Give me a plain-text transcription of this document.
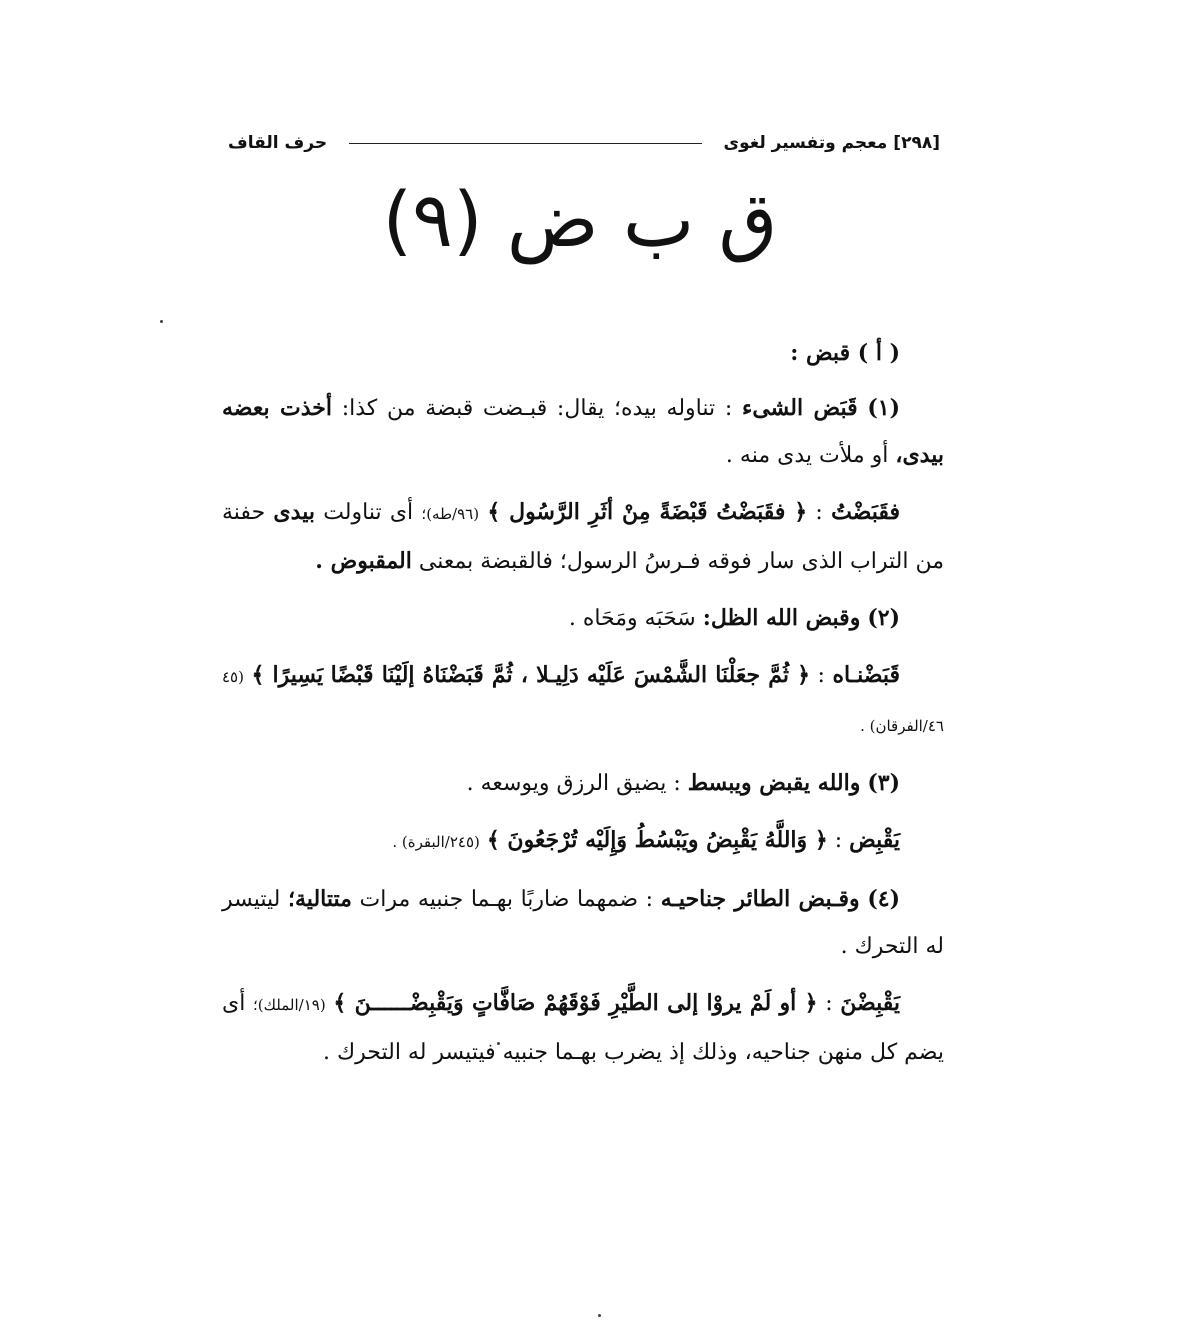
[٢٩٨]
معجم وتفسير لغوى
حرف القاف
ق ب ض (٩)

( أ ) قبض :

(١) قَبَض الشىء : تناوله بيده؛ يقال: قبـضت قبضة من كذا: أخذت بعضه بيدى، أو ملأت يدى منه .

فقَبَضْتُ : ﴿ فقَبَضْتُ قَبْضَةً مِنْ أثَرِ الرَّسُول ﴾ (٩٦/طه)؛ أى تناولت بيدى حفنة من التراب الذى سار فوقه فـرسُ الرسول؛ فالقبضة بمعنى المقبوض .

(٢) وقبض الله الظل: سَحَبَه ومَحَاه .

قَبَضْنـاه : ﴿ ثُمَّ جعَلْنَا الشَّمْسَ عَلَيْه دَلِيـلا ، ثُمَّ قَبَضْنَاهُ إلَيْنَا قَبْضًا يَسِيرًا ﴾ (٤٥ ٤٦/الفرقان) .

(٣) والله يقبض ويبسط : يضيق الرزق ويوسعه .

يَقْبِض : ﴿ وَاللَّهُ يَقْبِضُ ويَبْسُطُ وَإِلَيْه تُرْجَعُونَ ﴾ (٢٤٥/البقرة) .

(٤) وقـبض الطائر جناحيـه : ضمهما ضاربًا بهـما جنبيه مرات متتالية؛ ليتيسر له التحرك .

يَقْبِضْنَ : ﴿ أو لَمْ يروْا إلى الطَّيْرِ فَوْقَهُمْ صَافَّاتٍ وَيَقْبِضْــــــنَ ﴾ (١٩/الملك)؛ أى يضم كل منهن جناحيه، وذلك إذ يضرب بهـما جنبيه فيتيسر له التحرك .
